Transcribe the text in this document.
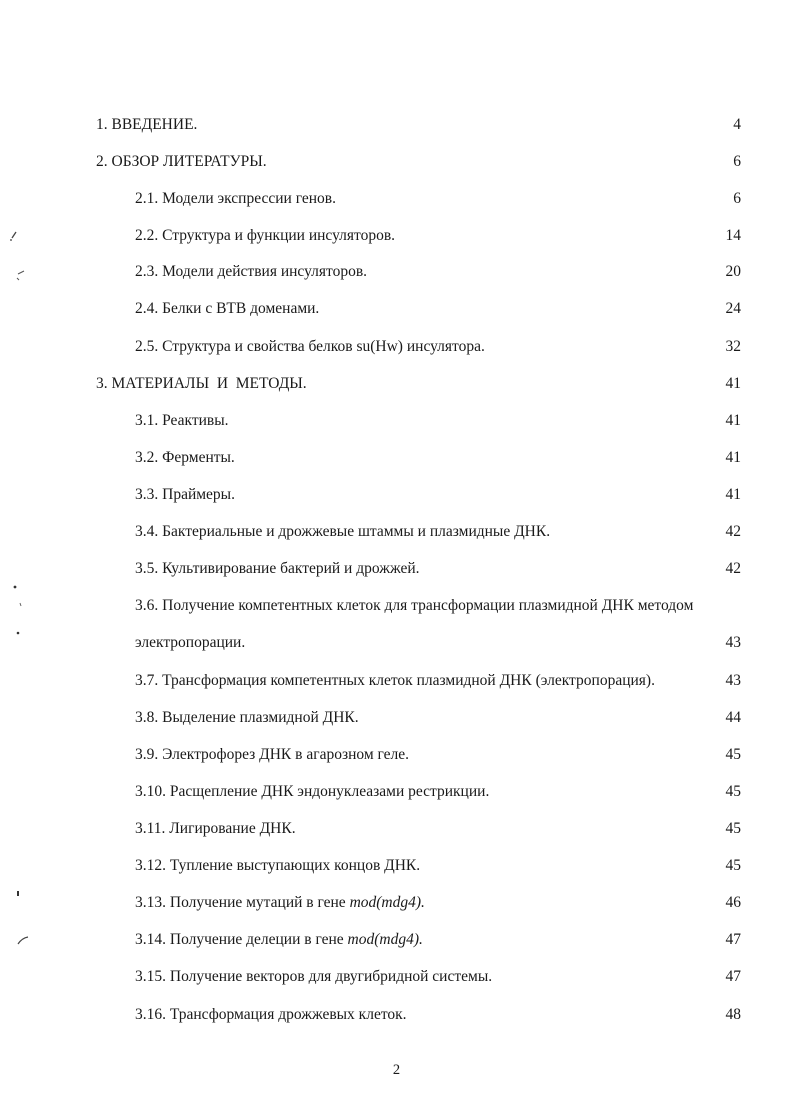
1. ВВЕДЕНИЕ.	4
2. ОБЗОР ЛИТЕРАТУРЫ.	6
2.1. Модели экспрессии генов.	6
2.2. Структура и функции инсуляторов.	14
2.3. Модели действия инсуляторов.	20
2.4. Белки с BTB доменами.	24
2.5. Структура и свойства белков su(Hw) инсулятора.	32
3. МАТЕРИАЛЫ  И  МЕТОДЫ.	41
3.1. Реактивы.	41
3.2. Ферменты.	41
3.3. Праймеры.	41
3.4. Бактериальные и дрожжевые штаммы и плазмидные ДНК.	42
3.5. Культивирование бактерий и дрожжей.	42
3.6. Получение компетентных клеток для трансформации плазмидной ДНК методом
электропорации.	43
3.7. Трансформация компетентных клеток плазмидной ДНК (электропорация).	43
3.8. Выделение плазмидной ДНК.	44
3.9. Электрофорез ДНК в агарозном геле.	45
3.10. Расщепление ДНК эндонуклеазами рестрикции.	45
3.11. Лигирование ДНК.	45
3.12. Тупление выступающих концов ДНК.	45
3.13. Получение мутаций в гене mod(mdg4).	46
3.14. Получение делеции в гене mod(mdg4).	47
3.15. Получение векторов для двугибридной системы.	47
3.16. Трансформация дрожжевых клеток.	48
2
